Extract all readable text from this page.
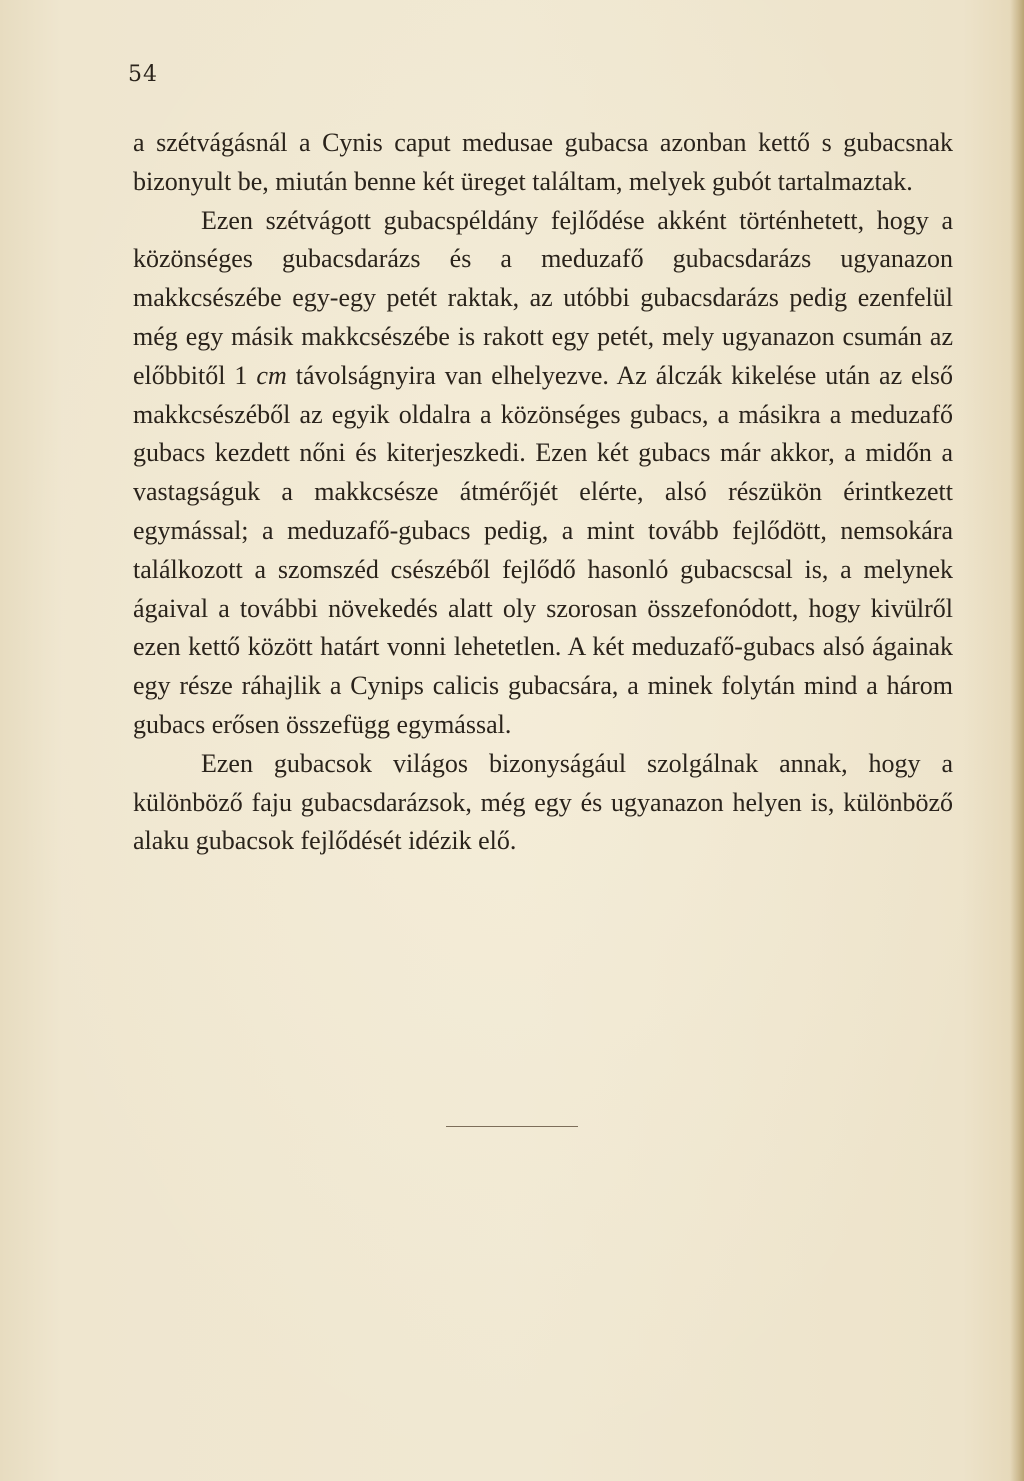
54

a szétvágásnál a Cynis caput medusae gubacsa azonban kettő s gubacsnak bizonyult be, miután benne két üreget találtam, melyek gubót tartalmaztak.

Ezen szétvágott gubacspéldány fejlődése akként történhetett, hogy a közönséges gubacsdarázs és a meduzafő gubacsdarázs ugyanazon makkcsészébe egy-egy petét raktak, az utóbbi gubacsdarázs pedig ezenfelül még egy másik makkcsészébe is rakott egy petét, mely ugyanazon csumán az előbbitől 1 cm távolságnyira van elhelyezve. Az álczák kikelése után az első makkcsészéből az egyik oldalra a közönséges gubacs, a másikra a meduzafő gubacs kezdett nőni és kiterjeszkedi. Ezen két gubacs már akkor, a midőn a vastagságuk a makkcsésze átmérőjét elérte, alsó részükön érintkezett egymással; a meduzafő-gubacs pedig, a mint tovább fejlődött, nemsokára találkozott a szomszéd csészéből fejlődő hasonló gubacscsal is, a melynek ágaival a további növekedés alatt oly szorosan összefonódott, hogy kivülről ezen kettő között határt vonni lehetetlen. A két meduzafő-gubacs alsó ágainak egy része ráhajlik a Cynips calicis gubacsára, a minek folytán mind a három gubacs erősen összefügg egymással.

Ezen gubacsok világos bizonyságául szolgálnak annak, hogy a különböző faju gubacsdarázsok, még egy és ugyanazon helyen is, különböző alaku gubacsok fejlődését idézik elő.
